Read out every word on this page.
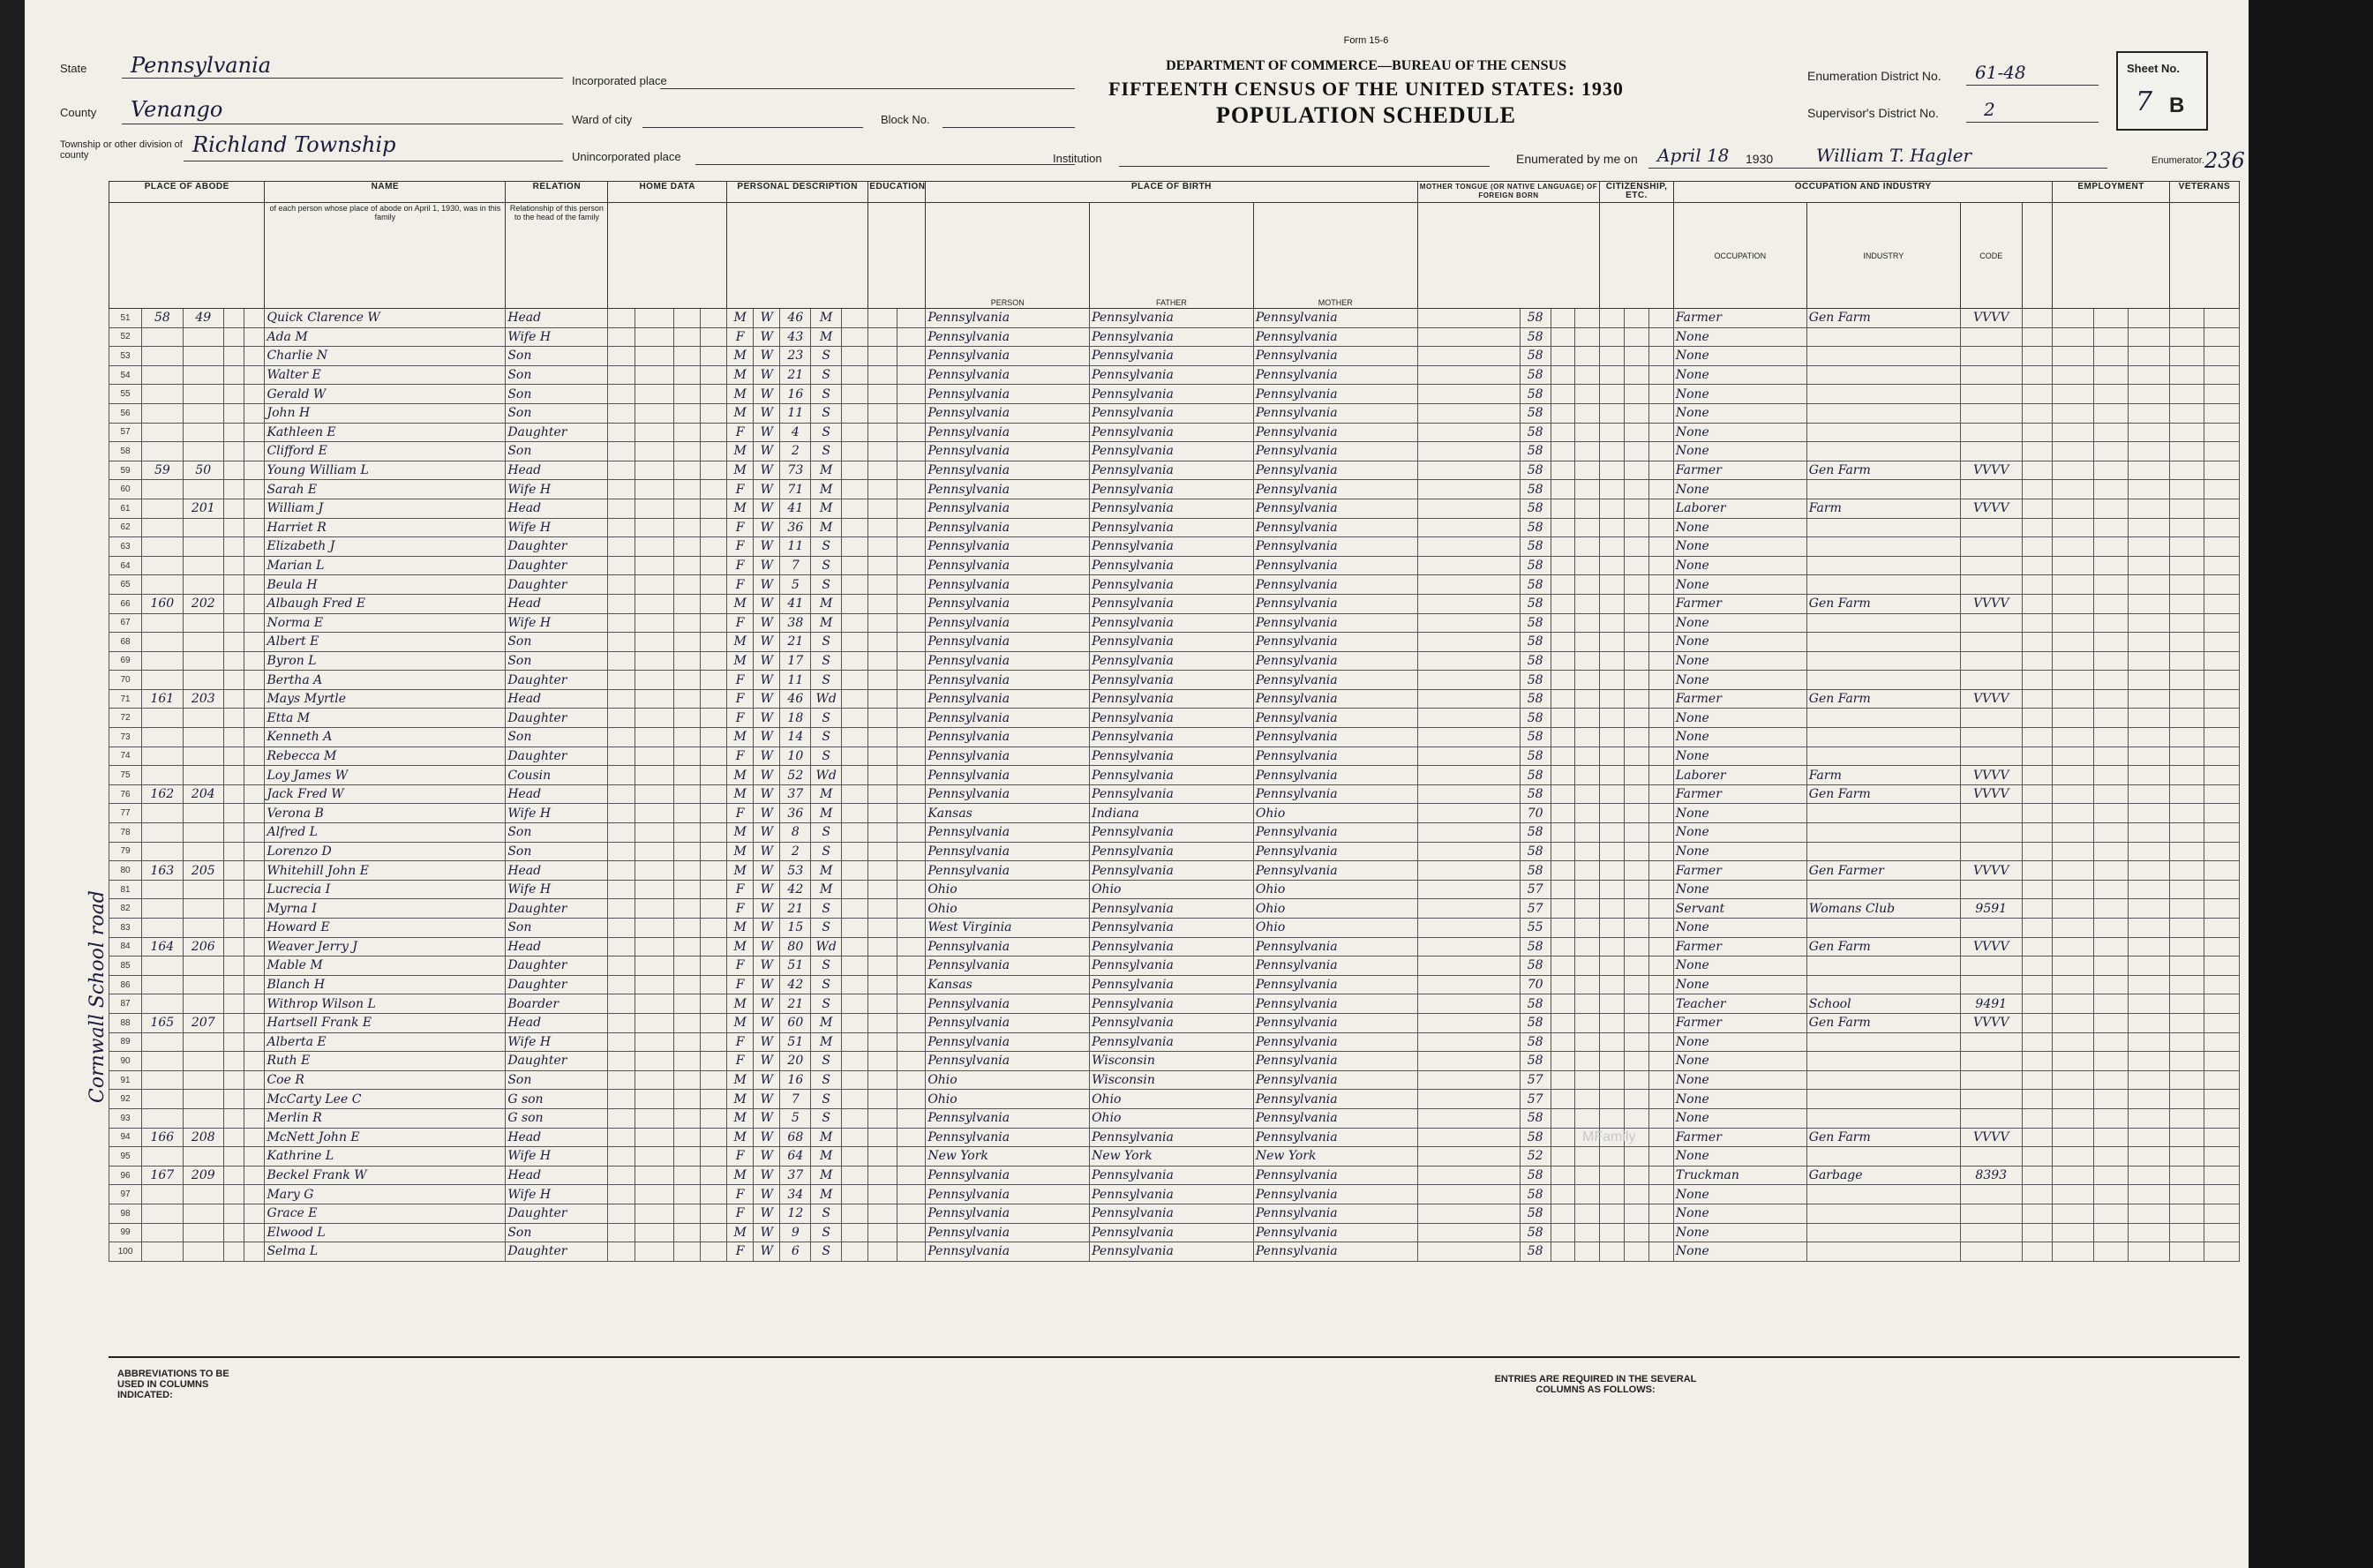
State Pennsylvania
County Venango
Township or other division of county	Richland Township
Incorporated place
Ward of city	Block No.
Unincorporated place
Form 15-6
DEPARTMENT OF COMMERCE—BUREAU OF THE CENSUS
FIFTEENTH CENSUS OF THE UNITED STATES: 1930
POPULATION SCHEDULE
Institution
Enumeration District No. 61-48
Supervisor's District No.	2
Enumerated by me on April 18 1930 William T. Hagler	Enumerator. 236
Sheet No.
7 B
PLACE OF ABODE					NAME	RELATION	HOME DATA				PERSONAL DESCRIPTION					EDUCATION		PLACE OF BIRTH			MOTHER TONGUE (OR NATIVE LANGUAGE) OF FOREIGN BORN				CITIZENSHIP, ETC.			OCCUPATION AND INDUSTRY				EMPLOYMENT			VETERANS	
					of each person whose place of abode on April 1, 1930, was in this family	Relationship of this person to the head of the family												PERSON	FATHER	MOTHER								OCCUPATION	INDUSTRY	CODE						
51	58	49			Quick Clarence W	Head					M	W	46	M				Pennsylvania	Pennsylvania	Pennsylvania		58						Farmer	Gen Farm	VVVV						
52					Ada M	Wife H					F	W	43	M				Pennsylvania	Pennsylvania	Pennsylvania		58						None								
53					Charlie N	Son					M	W	23	S				Pennsylvania	Pennsylvania	Pennsylvania		58						None								
54					Walter E	Son					M	W	21	S				Pennsylvania	Pennsylvania	Pennsylvania		58						None								
55					Gerald W	Son					M	W	16	S				Pennsylvania	Pennsylvania	Pennsylvania		58						None								
56					John H	Son					M	W	11	S				Pennsylvania	Pennsylvania	Pennsylvania		58						None								
57					Kathleen E	Daughter					F	W	4	S				Pennsylvania	Pennsylvania	Pennsylvania		58						None								
58					Clifford E	Son					M	W	2	S				Pennsylvania	Pennsylvania	Pennsylvania		58						None								
59	59	50			Young William L	Head					M	W	73	M				Pennsylvania	Pennsylvania	Pennsylvania		58						Farmer	Gen Farm	VVVV						
60					Sarah E	Wife H					F	W	71	M				Pennsylvania	Pennsylvania	Pennsylvania		58						None								
61		201			William J	Head					M	W	41	M				Pennsylvania	Pennsylvania	Pennsylvania		58						Laborer	Farm	VVVV						
62					Harriet R	Wife H					F	W	36	M				Pennsylvania	Pennsylvania	Pennsylvania		58						None								
63					Elizabeth J	Daughter					F	W	11	S				Pennsylvania	Pennsylvania	Pennsylvania		58						None								
64					Marian L	Daughter					F	W	7	S				Pennsylvania	Pennsylvania	Pennsylvania		58						None								
65					Beula H	Daughter					F	W	5	S				Pennsylvania	Pennsylvania	Pennsylvania		58						None								
66	160	202			Albaugh Fred E	Head					M	W	41	M				Pennsylvania	Pennsylvania	Pennsylvania		58						Farmer	Gen Farm	VVVV						
67					Norma E	Wife H					F	W	38	M				Pennsylvania	Pennsylvania	Pennsylvania		58						None								
68					Albert E	Son					M	W	21	S				Pennsylvania	Pennsylvania	Pennsylvania		58						None								
69					Byron L	Son					M	W	17	S				Pennsylvania	Pennsylvania	Pennsylvania		58						None								
70					Bertha A	Daughter					F	W	11	S				Pennsylvania	Pennsylvania	Pennsylvania		58						None								
71	161	203			Mays Myrtle	Head					F	W	46	Wd				Pennsylvania	Pennsylvania	Pennsylvania		58						Farmer	Gen Farm	VVVV						
72					Etta M	Daughter					F	W	18	S				Pennsylvania	Pennsylvania	Pennsylvania		58						None								
73					Kenneth A	Son					M	W	14	S				Pennsylvania	Pennsylvania	Pennsylvania		58						None								
74					Rebecca M	Daughter					F	W	10	S				Pennsylvania	Pennsylvania	Pennsylvania		58						None								
75					Loy James W	Cousin					M	W	52	Wd				Pennsylvania	Pennsylvania	Pennsylvania		58						Laborer	Farm	VVVV						
76	162	204			Jack Fred W	Head					M	W	37	M				Pennsylvania	Pennsylvania	Pennsylvania		58						Farmer	Gen Farm	VVVV						
77					Verona B	Wife H					F	W	36	M				Kansas	Indiana	Ohio		70						None								
78					Alfred L	Son					M	W	8	S				Pennsylvania	Pennsylvania	Pennsylvania		58						None								
79					Lorenzo D	Son					M	W	2	S				Pennsylvania	Pennsylvania	Pennsylvania		58						None								
80	163	205			Whitehill John E	Head					M	W	53	M				Pennsylvania	Pennsylvania	Pennsylvania		58						Farmer	Gen Farmer	VVVV						
81					Lucrecia I	Wife H					F	W	42	M				Ohio	Ohio	Ohio		57						None								
82					Myrna I	Daughter					F	W	21	S				Ohio	Pennsylvania	Ohio		57						Servant	Womans Club	9591						
83					Howard E	Son					M	W	15	S				West Virginia	Pennsylvania	Ohio		55						None								
84	164	206			Weaver Jerry J	Head					M	W	80	Wd				Pennsylvania	Pennsylvania	Pennsylvania		58						Farmer	Gen Farm	VVVV						
85					Mable M	Daughter					F	W	51	S				Pennsylvania	Pennsylvania	Pennsylvania		58						None								
86					Blanch H	Daughter					F	W	42	S				Kansas	Pennsylvania	Pennsylvania		70						None								
87					Withrop Wilson L	Boarder					M	W	21	S				Pennsylvania	Pennsylvania	Pennsylvania		58						Teacher	School	9491						
88	165	207			Hartsell Frank E	Head					M	W	60	M				Pennsylvania	Pennsylvania	Pennsylvania		58						Farmer	Gen Farm	VVVV						
89					Alberta E	Wife H					F	W	51	M				Pennsylvania	Pennsylvania	Pennsylvania		58						None								
90					Ruth E	Daughter					F	W	20	S				Pennsylvania	Wisconsin	Pennsylvania		58						None								
91					Coe R	Son					M	W	16	S				Ohio	Wisconsin	Pennsylvania		57						None								
92					McCarty Lee C	G son					M	W	7	S				Ohio	Ohio	Pennsylvania		57						None								
93					Merlin R	G son					M	W	5	S				Pennsylvania	Ohio	Pennsylvania		58						None								
94	166	208			McNett John E	Head					M	W	68	M				Pennsylvania	Pennsylvania	Pennsylvania		58						Farmer	Gen Farm	VVVV						
95					Kathrine L	Wife H					F	W	64	M				New York	New York	New York		52						None								
96	167	209			Beckel Frank W	Head					M	W	37	M				Pennsylvania	Pennsylvania	Pennsylvania		58						Truckman	Garbage	8393						
97					Mary G	Wife H					F	W	34	M				Pennsylvania	Pennsylvania	Pennsylvania		58						None								
98					Grace E	Daughter					F	W	12	S				Pennsylvania	Pennsylvania	Pennsylvania		58						None								
99					Elwood L	Son					M	W	9	S				Pennsylvania	Pennsylvania	Pennsylvania		58						None								
100					Selma L	Daughter					F	W	6	S				Pennsylvania	Pennsylvania	Pennsylvania		58						None								
ABBREVIATIONS TO BE USED IN COLUMNS INDICATED:
ENTRIES ARE REQUIRED IN THE SEVERAL COLUMNS AS FOLLOWS:
Cornwall School road
MFamily
